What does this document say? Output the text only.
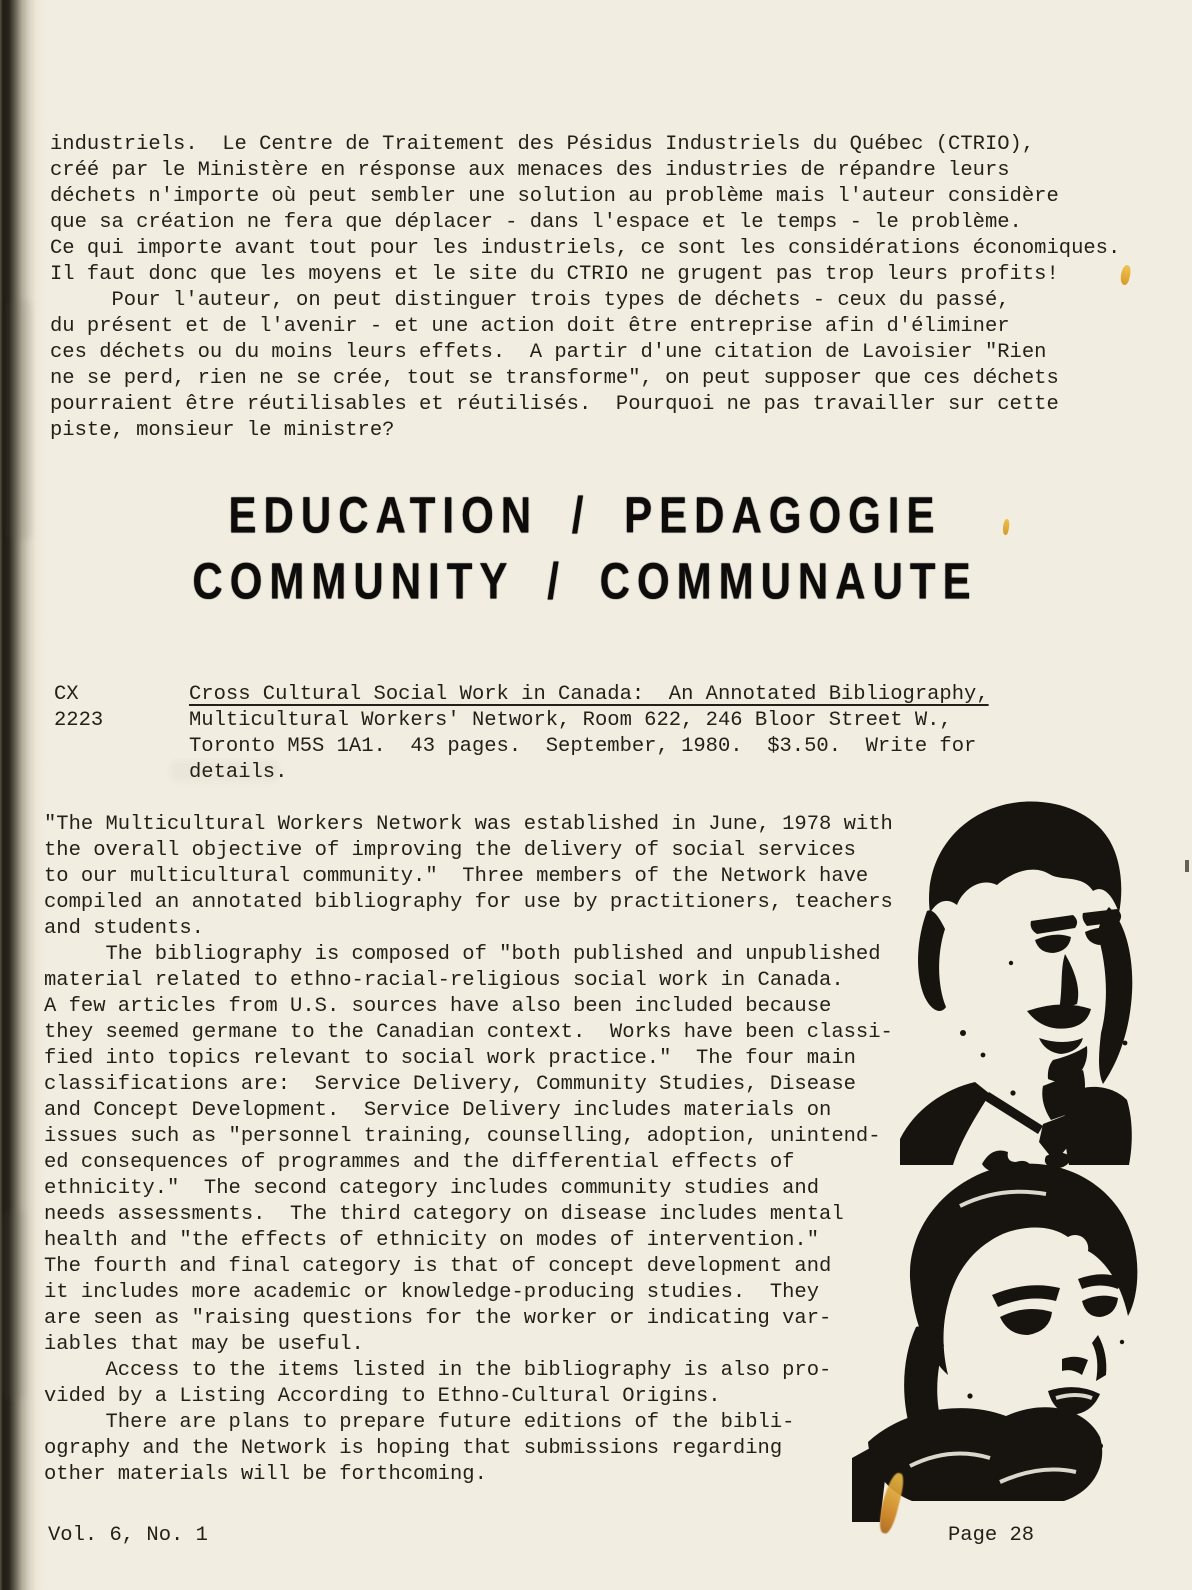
industriels.  Le Centre de Traitement des Pésidus Industriels du Québec (CTRIO),
créé par le Ministère en résponse aux menaces des industries de répandre leurs
déchets n'importe où peut sembler une solution au problème mais l'auteur considère
que sa création ne fera que déplacer - dans l'espace et le temps - le problème.
Ce qui importe avant tout pour les industriels, ce sont les considérations économiques.
Il faut donc que les moyens et le site du CTRIO ne grugent pas trop leurs profits!
Pour l'auteur, on peut distinguer trois types de déchets - ceux du passé,
du présent et de l'avenir - et une action doit être entreprise afin d'éliminer
ces déchets ou du moins leurs effets.  A partir d'une citation de Lavoisier "Rien
ne se perd, rien ne se crée, tout se transforme", on peut supposer que ces déchets
pourraient être réutilisables et réutilisés.  Pourquoi ne pas travailler sur cette
piste, monsieur le ministre?
EDUCATION / PEDAGOGIE
COMMUNITY / COMMUNAUTE
CX
2223
Cross Cultural Social Work in Canada:  An Annotated Bibliography,
Multicultural Workers' Network, Room 622, 246 Bloor Street W.,
Toronto M5S 1A1.  43 pages.  September, 1980.  $3.50.  Write for
details.
"The Multicultural Workers Network was established in June, 1978 with
the overall objective of improving the delivery of social services
to our multicultural community."  Three members of the Network have
compiled an annotated bibliography for use by practitioners, teachers
and students.
The bibliography is composed of "both published and unpublished
material related to ethno-racial-religious social work in Canada.
A few articles from U.S. sources have also been included because
they seemed germane to the Canadian context.  Works have been classi-
fied into topics relevant to social work practice."  The four main
classifications are:  Service Delivery, Community Studies, Disease
and Concept Development.  Service Delivery includes materials on
issues such as "personnel training, counselling, adoption, unintend-
ed consequences of programmes and the differential effects of
ethnicity."  The second category includes community studies and
needs assessments.  The third category on disease includes mental
health and "the effects of ethnicity on modes of intervention."
The fourth and final category is that of concept development and
it includes more academic or knowledge-producing studies.  They
are seen as "raising questions for the worker or indicating var-
iables that may be useful.
Access to the items listed in the bibliography is also pro-
vided by a Listing According to Ethno-Cultural Origins.
There are plans to prepare future editions of the bibli-
ography and the Network is hoping that submissions regarding
other materials will be forthcoming.
Vol. 6, No. 1	Page 28
